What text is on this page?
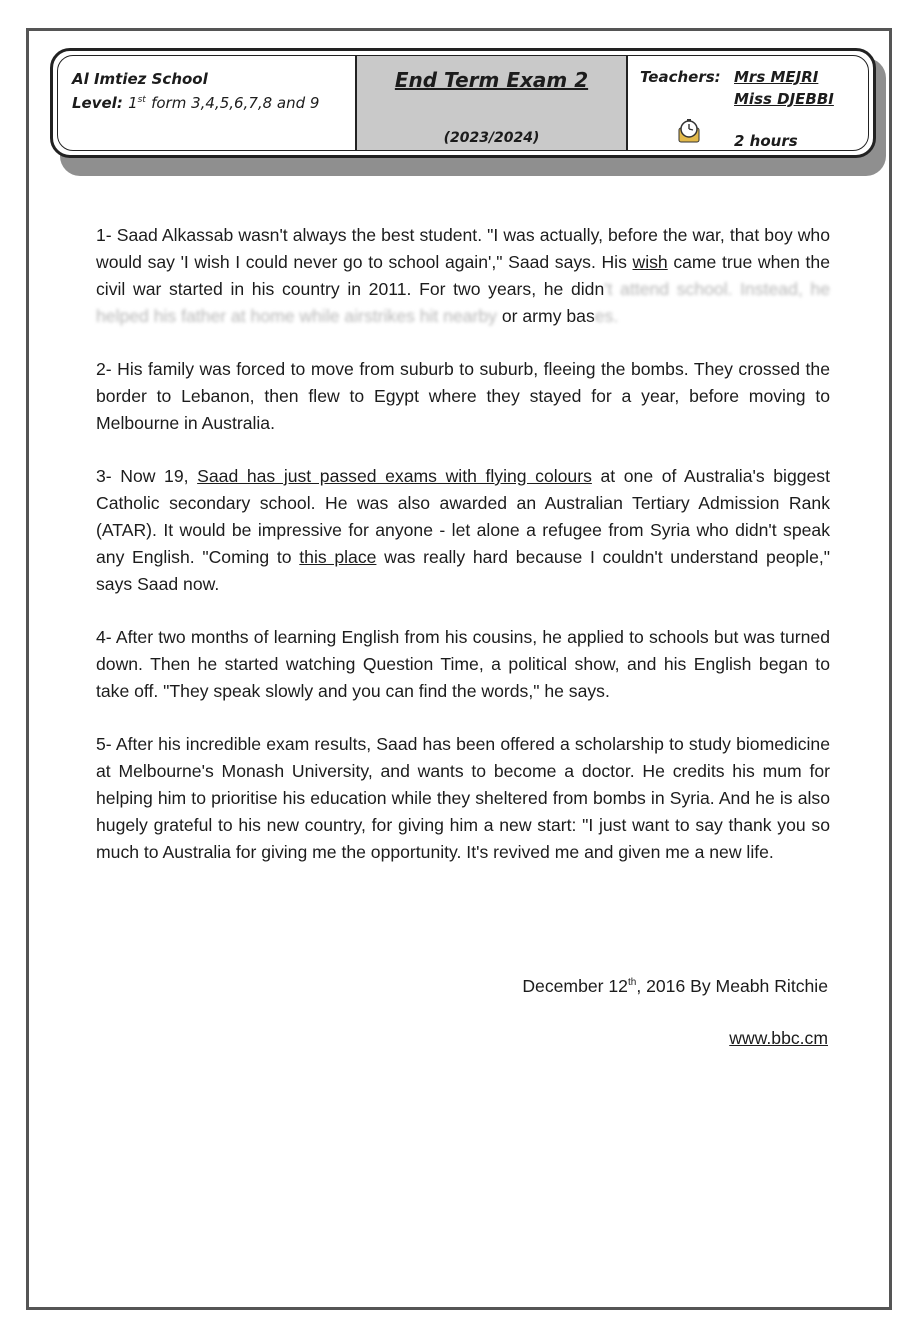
Al Imtiez School
Level: 1st form 3,4,5,6,7,8 and 9
End Term Exam 2
(2023/2024)
Teachers: Mrs MEJRI
Miss DJEBBI
2 hours

1- Saad Alkassab wasn't always the best student. "I was actually, before the war, that boy who would say 'I wish I could never go to school again'," Saad says. His wish came true when the civil war started in his country in 2011. For two years, he didn't attend school. Instead, he helped his father at home while airstrikes hit nearby or army bases.

2- His family was forced to move from suburb to suburb, fleeing the bombs. They crossed the border to Lebanon, then flew to Egypt where they stayed for a year, before moving to Melbourne in Australia.

3- Now 19, Saad has just passed exams with flying colours at one of Australia's biggest Catholic secondary school. He was also awarded an Australian Tertiary Admission Rank (ATAR). It would be impressive for anyone - let alone a refugee from Syria who didn't speak any English. "Coming to this place was really hard because I couldn't understand people," says Saad now.

4- After two months of learning English from his cousins, he applied to schools but was turned down. Then he started watching Question Time, a political show, and his English began to take off. "They speak slowly and you can find the words," he says.

5- After his incredible exam results, Saad has been offered a scholarship to study biomedicine at Melbourne's Monash University, and wants to become a doctor. He credits his mum for helping him to prioritise his education while they sheltered from bombs in Syria. And he is also hugely grateful to his new country, for giving him a new start: "I just want to say thank you so much to Australia for giving me the opportunity. It's revived me and given me a new life.

December 12th, 2016 By Meabh Ritchie
www.bbc.cm
